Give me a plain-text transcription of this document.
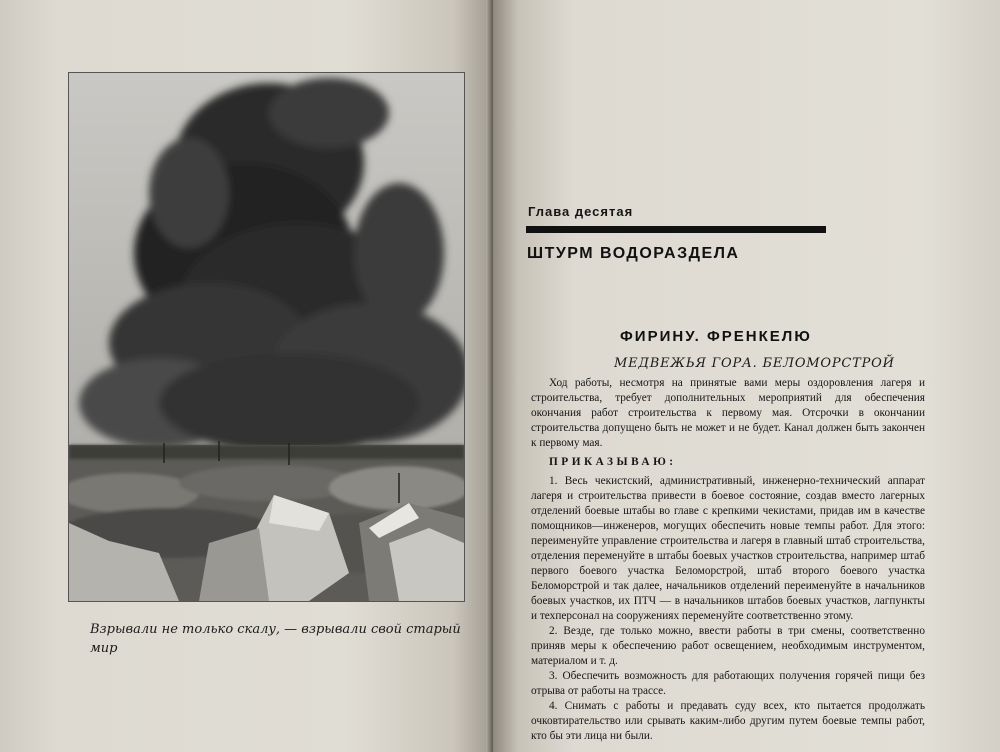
Взрывали не только скалу, — взрывали свой старый мир
Глава десятая
ШТУРМ ВОДОРАЗДЕЛА
ФИРИНУ. ФРЕНКЕЛЮ
МЕДВЕЖЬЯ ГОРА. БЕЛОМОРСТРОЙ

Ход работы, несмотря на принятые вами меры оздоровления лагеря и строительства, требует дополнительных мероприятий для обеспечения окончания работ строительства к первому мая. Отсрочки в окончании строительства допущено быть не может и не будет. Канал должен быть закончен к первому мая.

ПРИКАЗЫВАЮ:

1. Весь чекистский, административный, инженерно-технический аппарат лагеря и строительства привести в боевое состояние, создав вместо лагерных отделений боевые штабы во главе с крепкими чекистами, придав им в качестве помощников—инженеров, могущих обеспечить новые темпы работ. Для этого: переименуйте управление строительства и лагеря в главный штаб строительства, отделения переменуйте в штабы боевых участков строительства, например штаб первого боевого участка Беломорстрой, штаб второго боевого участка Беломорстрой и так далее, начальников отделений переименуйте в начальников боевых участков, их ПТЧ — в начальников штабов боевых участков, лагпункты и техперсонал на сооружениях переменуйте соответственно этому.

2. Везде, где только можно, ввести работы в три смены, соответственно приняв меры к обеспечению работ освещением, необходимым инструментом, материалом и т. д.

3. Обеспечить возможность для работающих получения горячей пищи без отрыва от работы на трассе.

4. Снимать с работы и предавать суду всех, кто пытается продолжать очковтирательство или срывать каким-либо другим путем боевые темпы работ, кто бы эти лица ни были.
